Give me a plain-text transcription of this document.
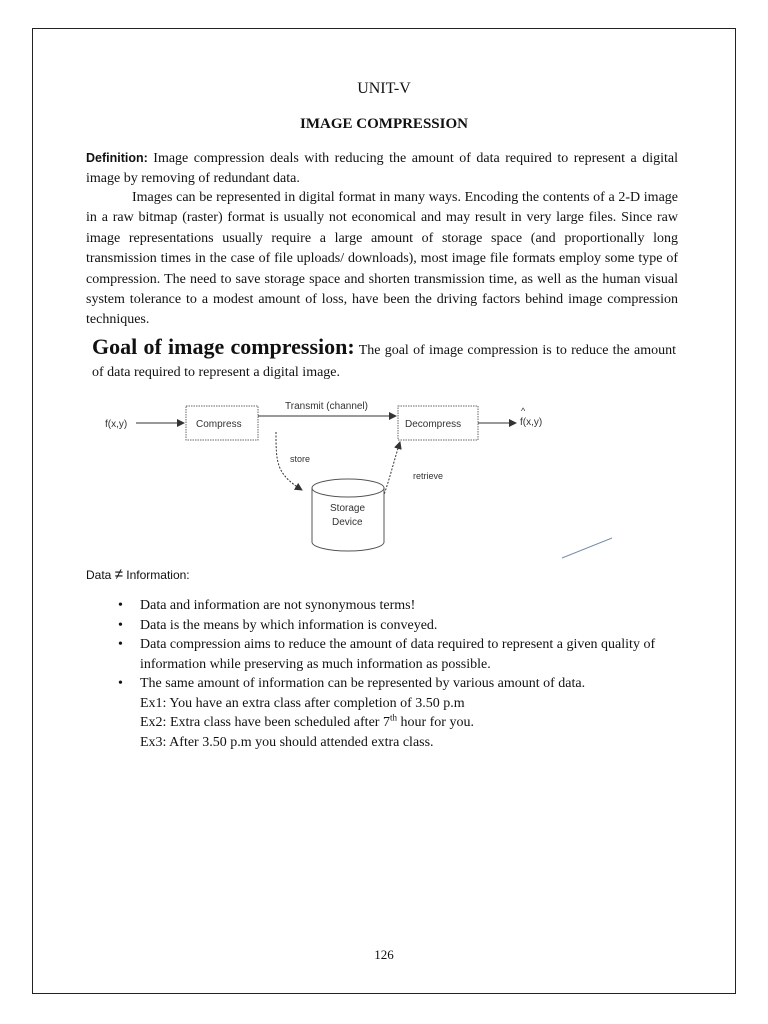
UNIT-V
IMAGE COMPRESSION
Definition: Image compression deals with reducing the amount of data required to represent a digital image by removing of redundant data.
Images can be represented in digital format in many ways. Encoding the contents of a 2-D image in a raw bitmap (raster) format is usually not economical and may result in very large files. Since raw image representations usually require a large amount of storage space (and proportionally long transmission times in the case of file uploads/ downloads), most image file formats employ some type of compression. The need to save storage space and shorten transmission time, as well as the human visual system tolerance to a modest amount of loss, have been the driving factors behind image compression techniques.
Goal of image compression: The goal of image compression is to reduce the amount of data required to represent a digital image.
f(x,y)	Compress
Transmit (channel)
Decompress
^
f(x,y)
store
retrieve
Storage
Device
Data ≠ Information:
• Data and information are not synonymous terms!
• Data is the means by which information is conveyed.
• Data compression aims to reduce the amount of data required to represent a given quality of information while preserving as much information as possible.
• The same amount of information can be represented by various amount of data.
Ex1: You have an extra class after completion of 3.50 p.m
Ex2: Extra class have been scheduled after 7th hour for you.
Ex3: After 3.50 p.m you should attended extra class.
126
